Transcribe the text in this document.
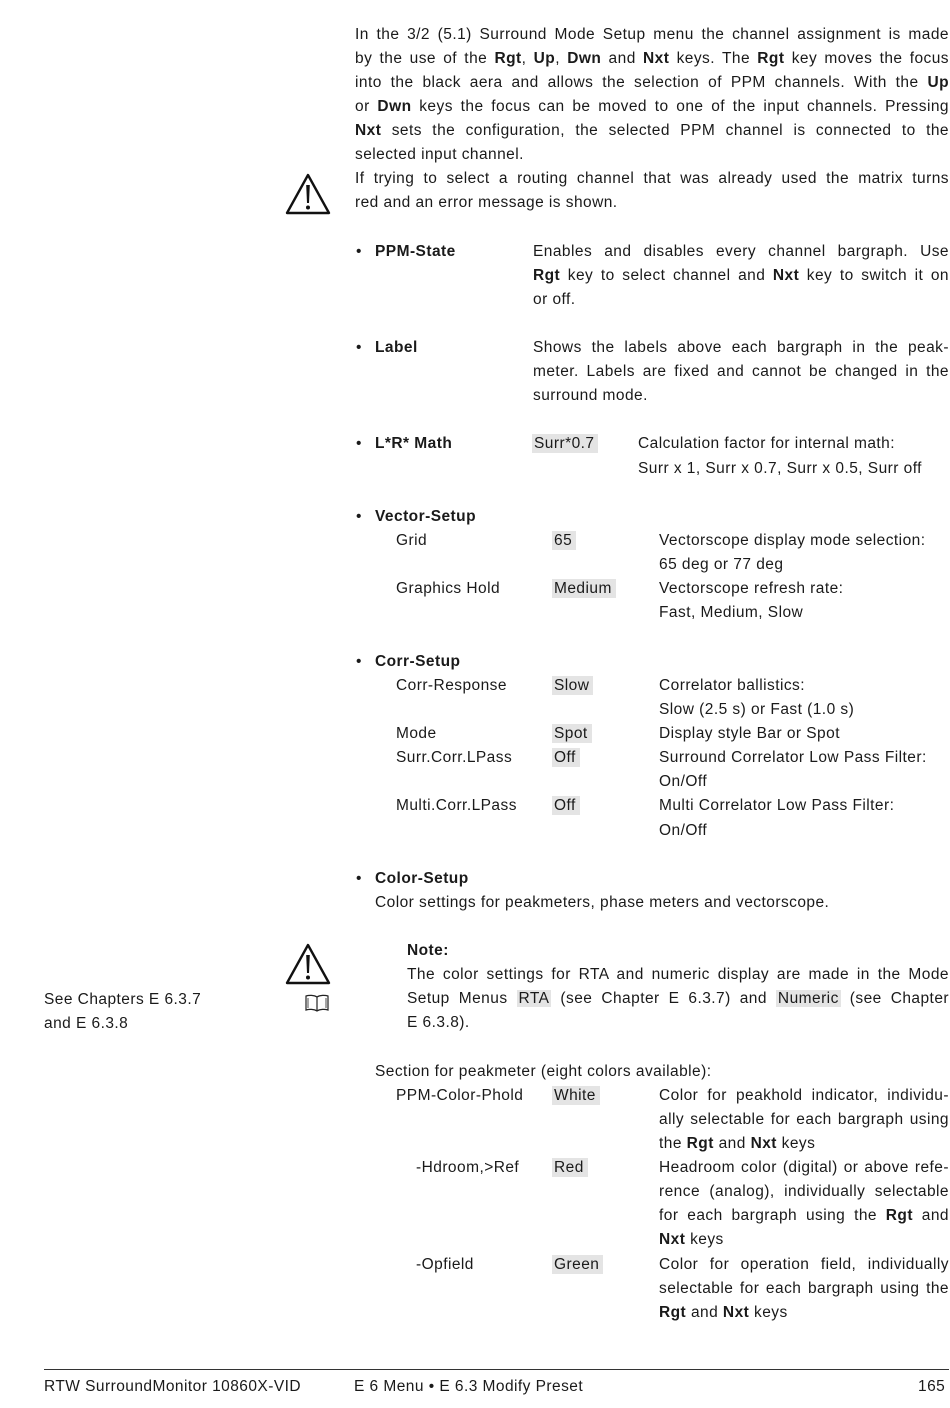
In the 3/2 (5.1) Surround Mode Setup menu the channel assignment is made
by the use of the Rgt, Up, Dwn and Nxt keys. The Rgt key moves the focus
into the black aera and allows the selection of PPM channels. With the Up
or Dwn keys the focus can be moved to one of the input channels. Pressing
Nxt sets the configuration, the selected PPM channel is connected to the
selected input channel.
If trying to select a routing channel that was already used the matrix turns
red and an error message is shown.
• PPM-State	Enables and disables every channel bargraph. Use
Rgt key to select channel and Nxt key to switch it on
or off.
• Label	Shows the labels above each bargraph in the peak-
meter. Labels are fixed and cannot be changed in the
surround mode.
• L*R* Math	Surr*0.7	Calculation factor for internal math:
Surr x 1, Surr x 0.7, Surr x 0.5, Surr off
• Vector-Setup
Grid	65	Vectorscope display mode selection:
65 deg or 77 deg
Graphics Hold	Medium	Vectorscope refresh rate:
Fast, Medium, Slow
• Corr-Setup
Corr-Response	Slow	Correlator ballistics:
Slow (2.5 s) or Fast (1.0 s)
Mode	Spot	Display style Bar or Spot
Surr.Corr.LPass	Off	Surround Correlator Low Pass Filter:
On/Off
Multi.Corr.LPass Off	Multi Correlator Low Pass Filter:
On/Off
• Color-Setup
Color settings for peakmeters, phase meters and vectorscope.
Note:
The color settings for RTA and numeric display are made in the Mode
Setup Menus RTA (see Chapter E 6.3.7) and Numeric (see Chapter
E 6.3.8).
Section for peakmeter (eight colors available):
PPM-Color-Phold White	Color for peakhold indicator, individu-
ally selectable for each bargraph using
the Rgt and Nxt keys
-Hdroom,>Ref Red	Headroom color (digital) or above refe-
rence (analog), individually selectable
for each bargraph using the Rgt and
Nxt keys
-Opfield	Green	Color for operation field, individually
selectable for each bargraph using the
Rgt and Nxt keys
See Chapters E 6.3.7
and E 6.3.8
RTW SurroundMonitor 10860X-VID	E 6 Menu • E 6.3 Modify Preset	165
